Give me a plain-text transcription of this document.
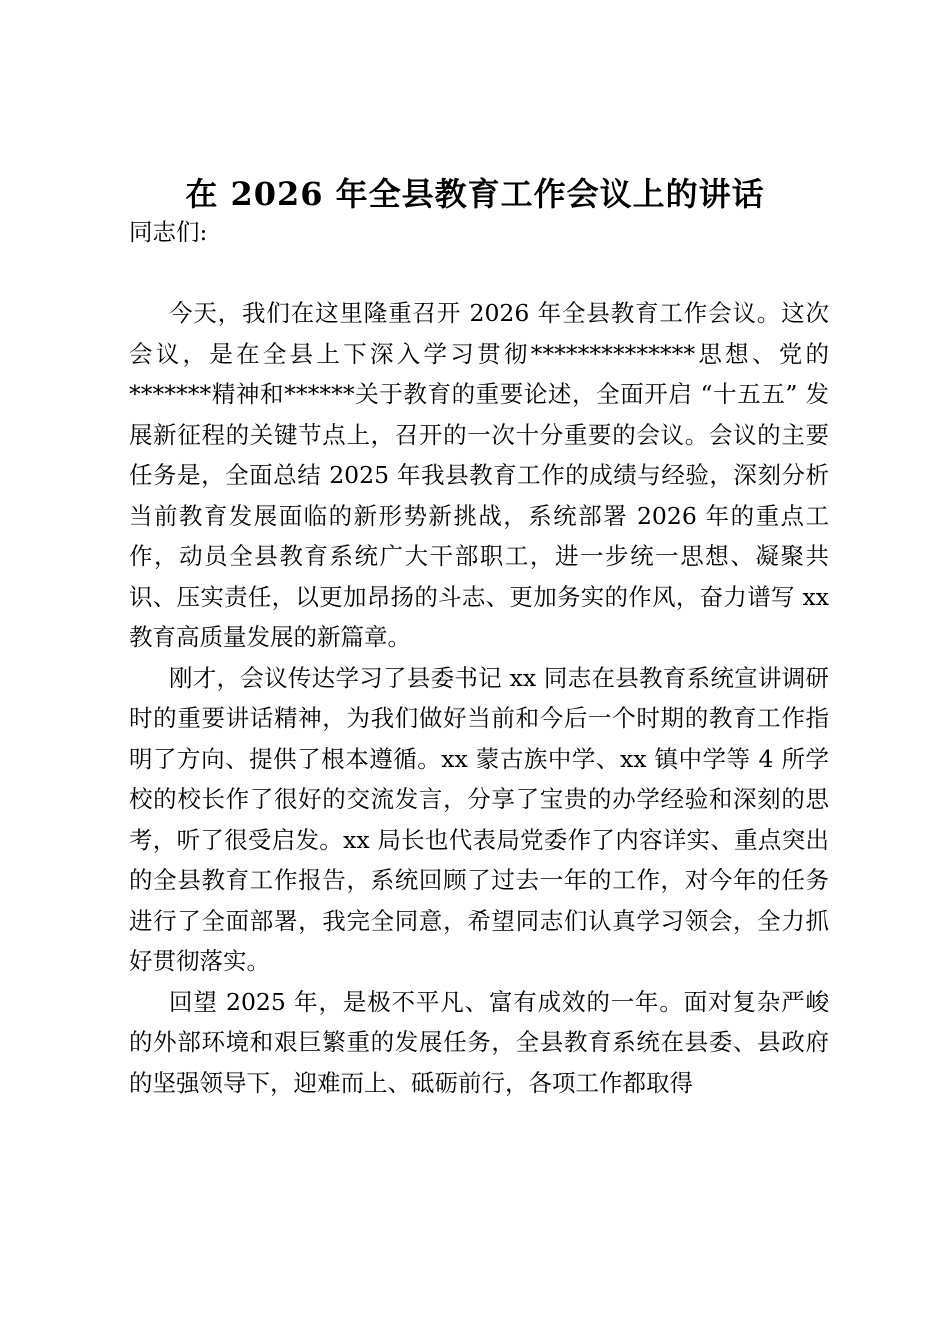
在 2026 年全县教育工作会议上的讲话
同志们:

今天，我们在这里隆重召开 2026 年全县教育工作会议。这次会议，是在全县上下深入学习贯彻**************思想、党的*******精神和******关于教育的重要论述，全面开启 “十五五” 发展新征程的关键节点上，召开的一次十分重要的会议。会议的主要任务是，全面总结 2025 年我县教育工作的成绩与经验，深刻分析当前教育发展面临的新形势新挑战，系统部署 2026 年的重点工作，动员全县教育系统广大干部职工，进一步统一思想、凝聚共识、压实责任，以更加昂扬的斗志、更加务实的作风，奋力谱写 xx 教育高质量发展的新篇章。

刚才，会议传达学习了县委书记 xx 同志在县教育系统宣讲调研时的重要讲话精神，为我们做好当前和今后一个时期的教育工作指明了方向、提供了根本遵循。xx 蒙古族中学、xx 镇中学等 4 所学校的校长作了很好的交流发言，分享了宝贵的办学经验和深刻的思考，听了很受启发。xx 局长也代表局党委作了内容详实、重点突出的全县教育工作报告，系统回顾了过去一年的工作，对今年的任务进行了全面部署，我完全同意，希望同志们认真学习领会，全力抓好贯彻落实。

回望 2025 年，是极不平凡、富有成效的一年。面对复杂严峻的外部环境和艰巨繁重的发展任务，全县教育系统在县委、县政府的坚强领导下，迎难而上、砥砺前行，各项工作都取得
